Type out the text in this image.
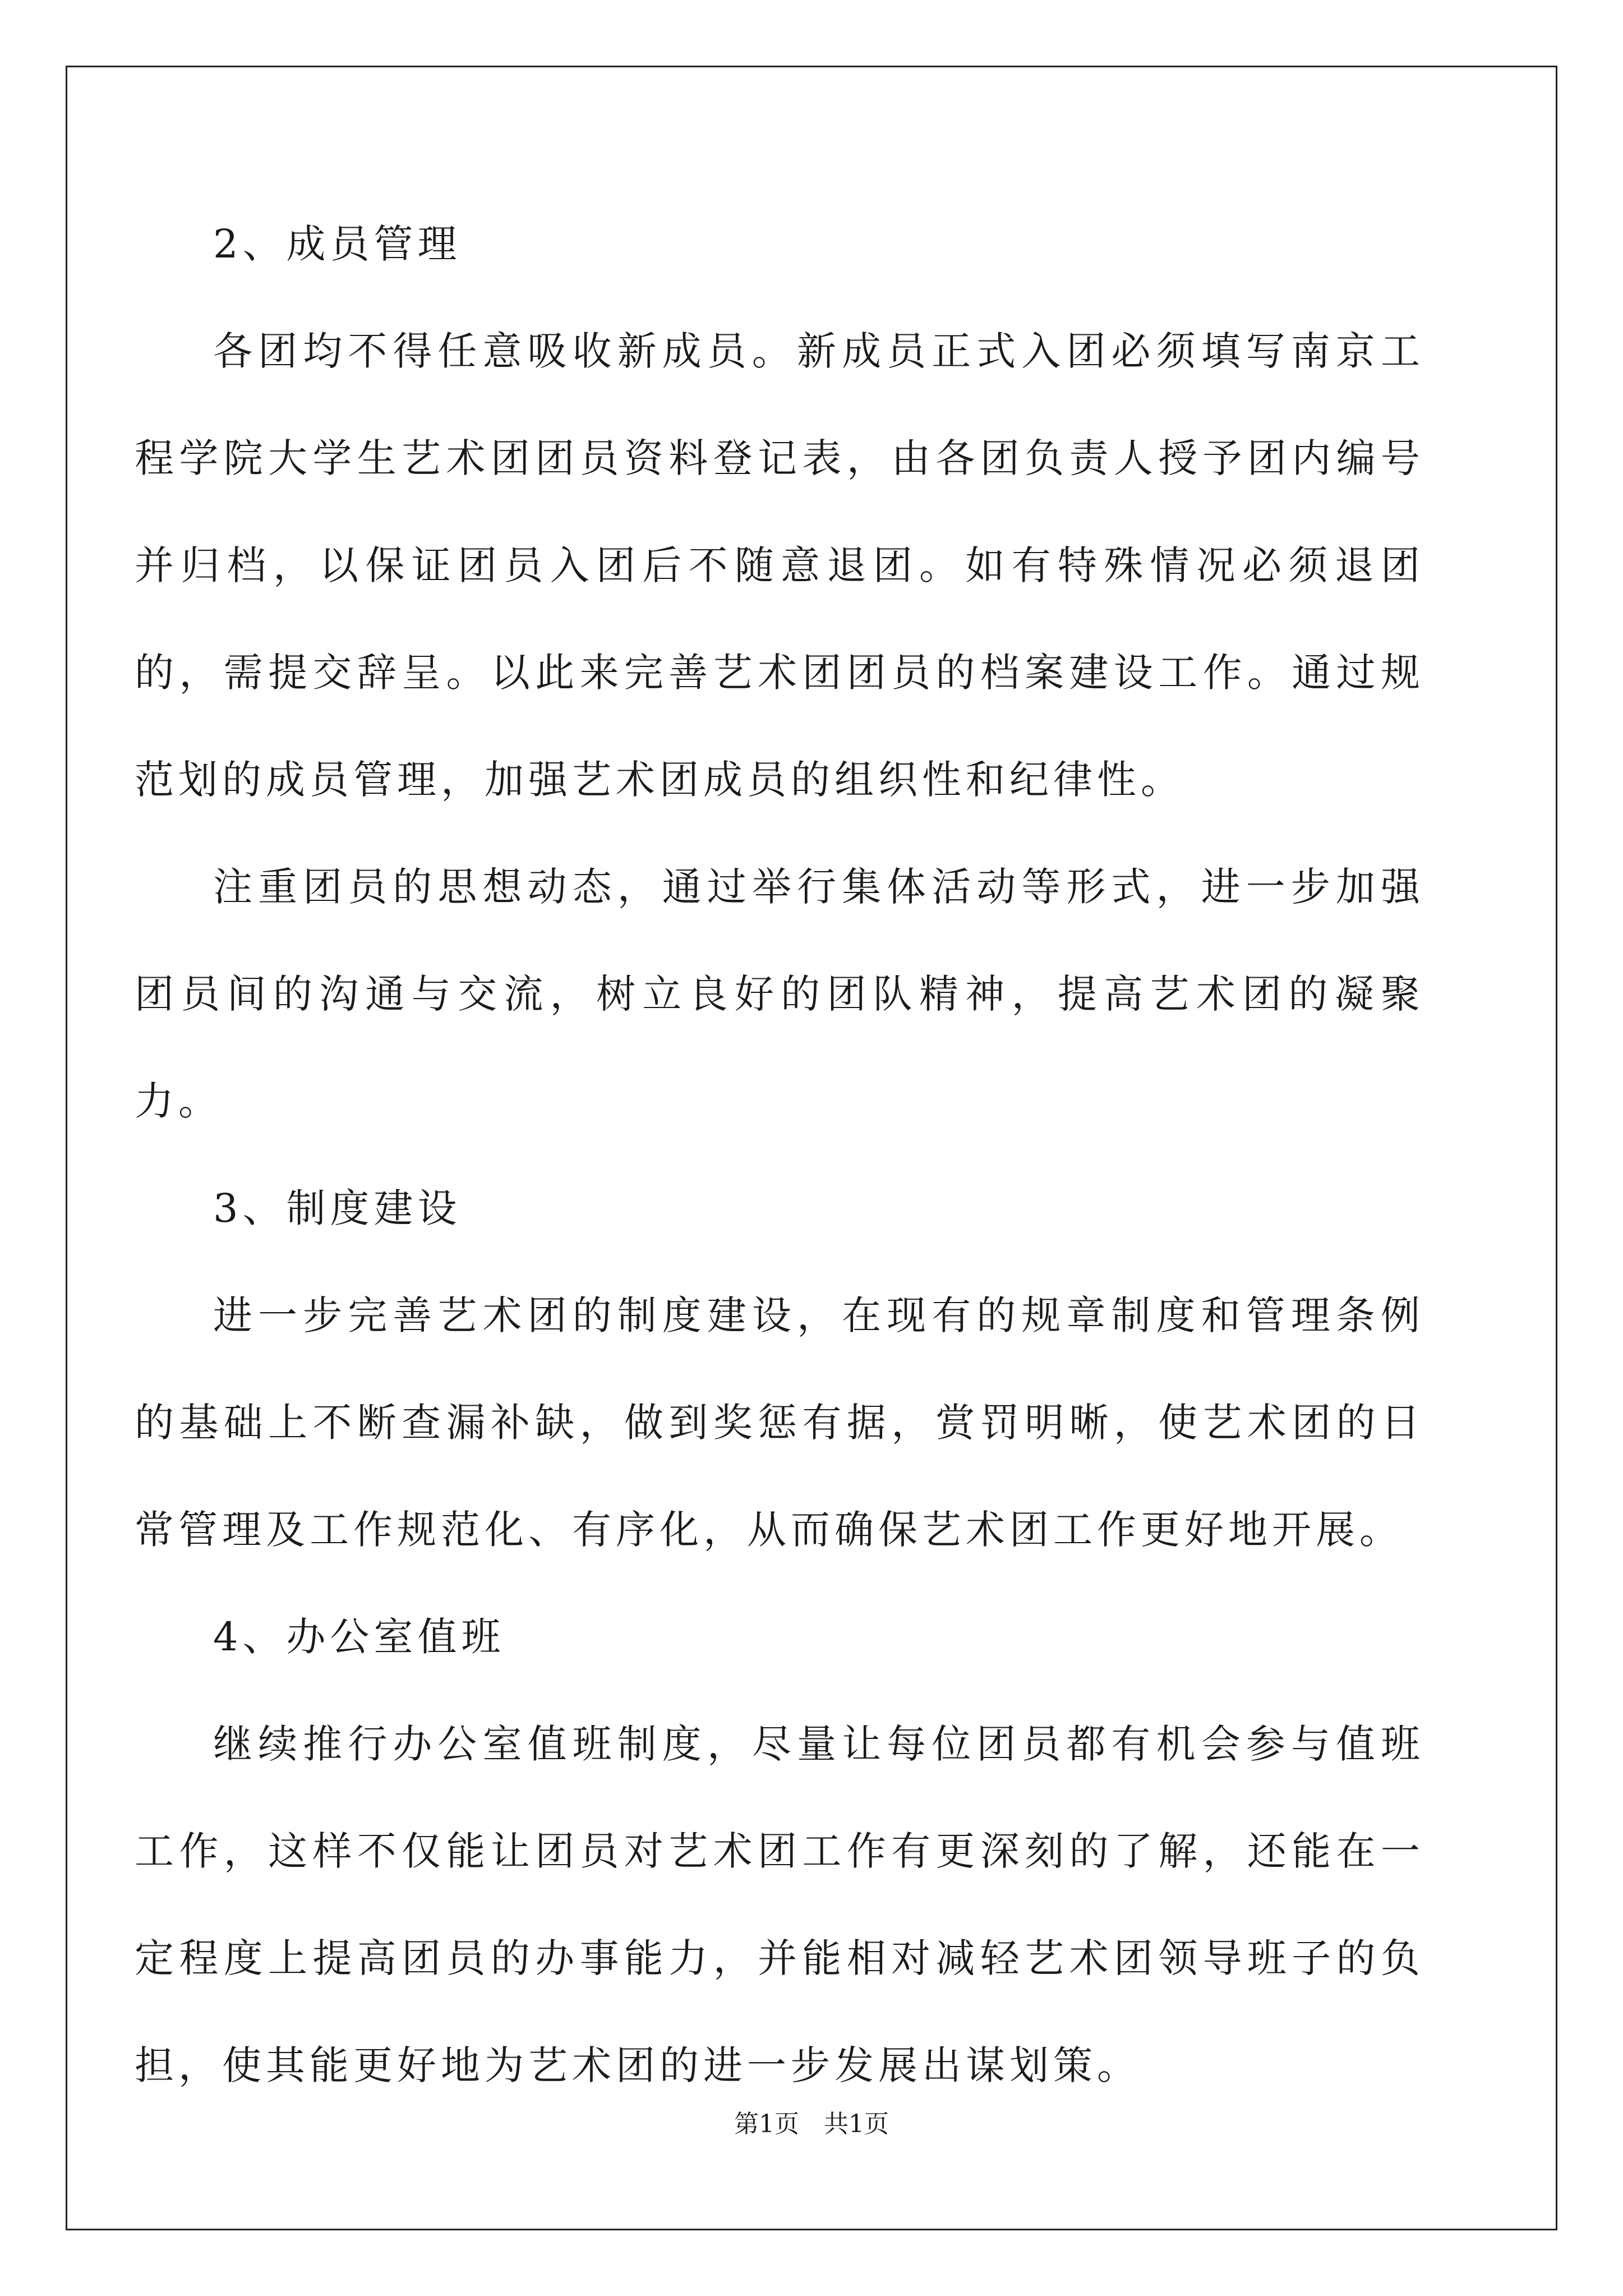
2、成员管理

各团均不得任意吸收新成员。新成员正式入团必须填写南京工程学院大学生艺术团团员资料登记表，由各团负责人授予团内编号并归档，以保证团员入团后不随意退团。如有特殊情况必须退团的，需提交辞呈。以此来完善艺术团团员的档案建设工作。通过规范划的成员管理，加强艺术团成员的组织性和纪律性。

注重团员的思想动态，通过举行集体活动等形式，进一步加强团员间的沟通与交流，树立良好的团队精神，提高艺术团的凝聚力。

3、制度建设

进一步完善艺术团的制度建设，在现有的规章制度和管理条例的基础上不断查漏补缺，做到奖惩有据，赏罚明晰，使艺术团的日常管理及工作规范化、有序化，从而确保艺术团工作更好地开展。

4、办公室值班

继续推行办公室值班制度，尽量让每位团员都有机会参与值班工作，这样不仅能让团员对艺术团工作有更深刻的了解，还能在一定程度上提高团员的办事能力，并能相对减轻艺术团领导班子的负担，使其能更好地为艺术团的进一步发展出谋划策。

第1页　共1页
